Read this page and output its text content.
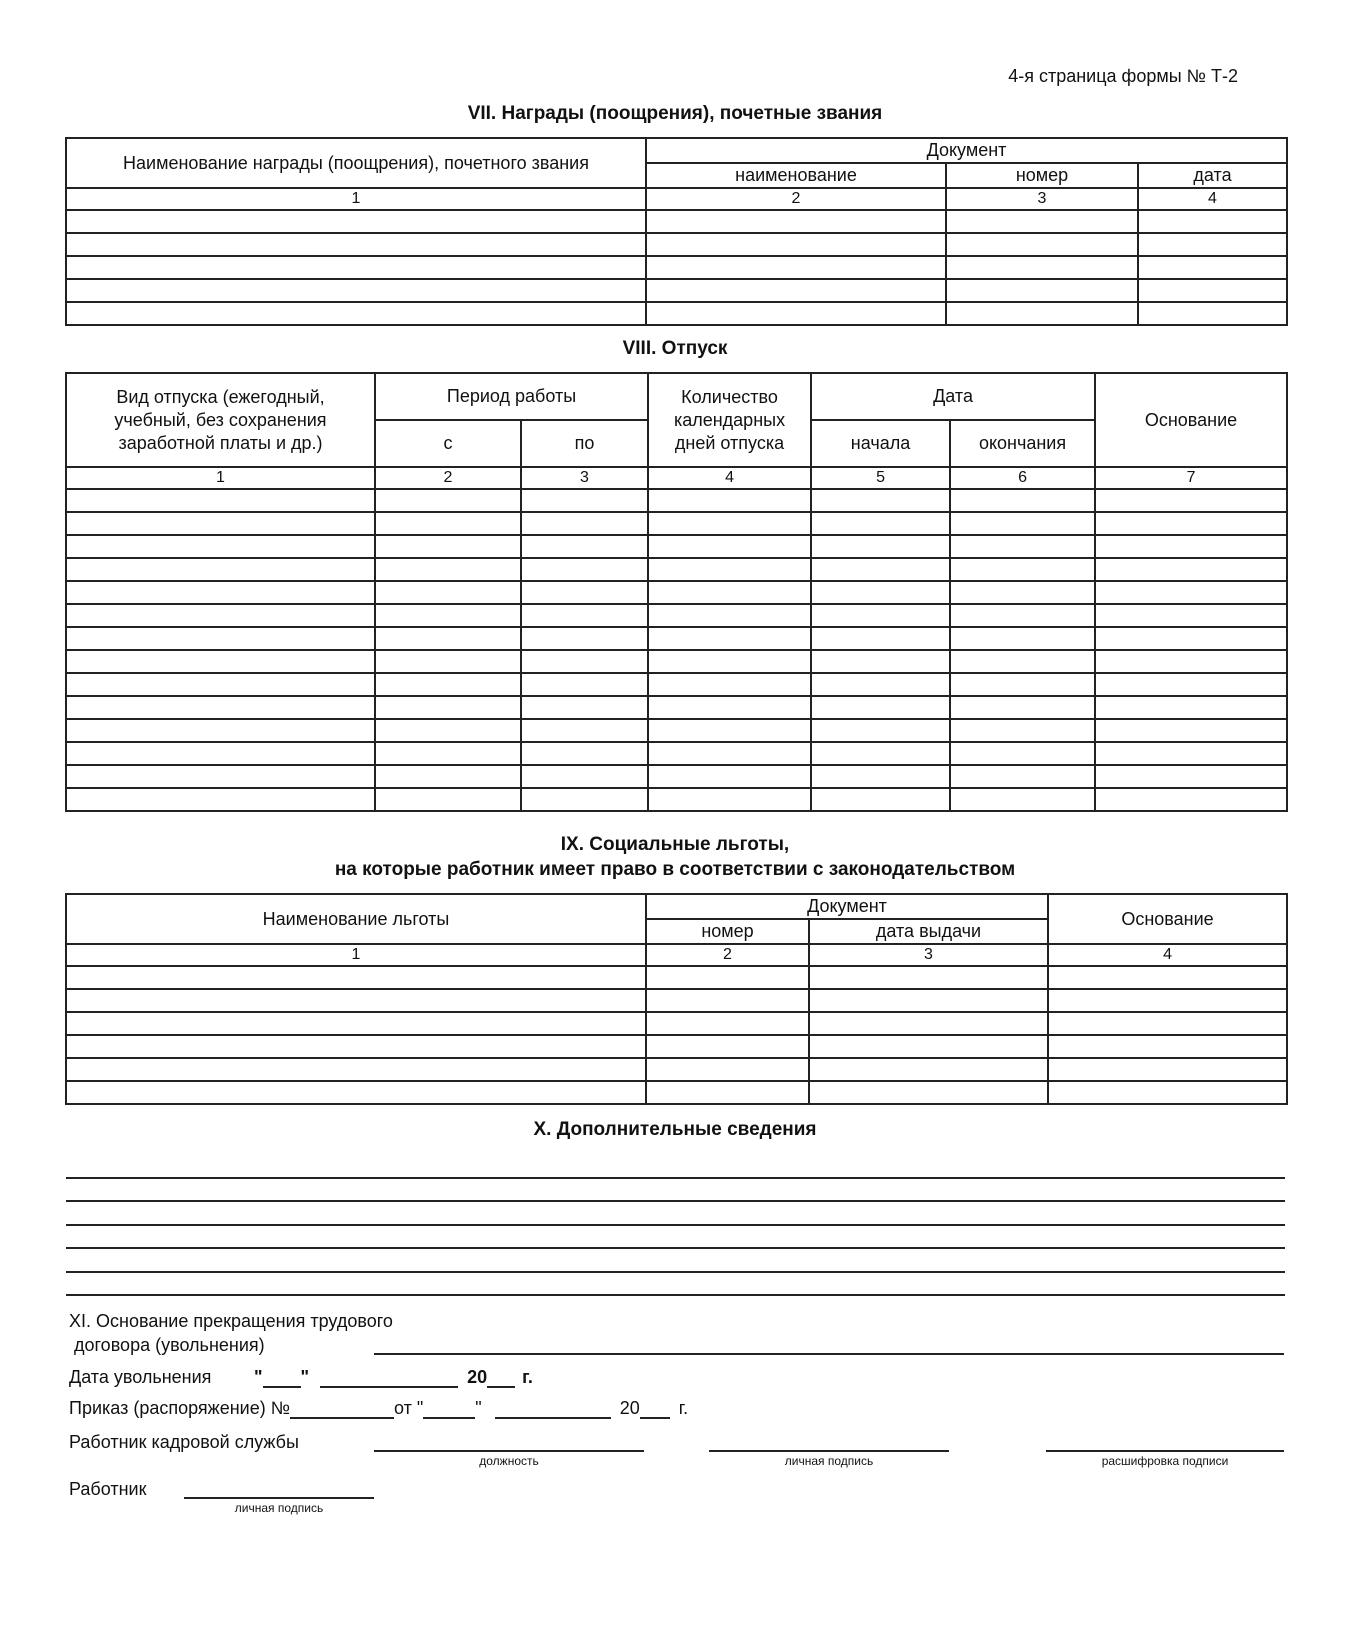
4-я страница формы № Т-2
VII. Награды (поощрения), почетные звания
Наименование награды (поощрения), почетного звания	Документ		
	наименование	номер	дата
1	2	3	4

VIII. Отпуск
Вид отпуска (ежегодный, учебный, без сохранения заработной платы и др.)	Период работы		Количество календарных дней отпуска	Дата		Основание
	с	по		начала	окончания	
1	2	3	4	5	6	7

IX. Социальные льготы,
на которые работник имеет право в соответствии с законодательством
Наименование льготы	Документ		Основание
	номер	дата выдачи	
1	2	3	4

X. Дополнительные сведения
XI. Основание прекращения трудового
договора (увольнения)
Дата увольнения " "	20 г.
Приказ (распоряжение) №	от "	"	20 г.
Работник кадровой службы
должность	личная подпись	расшифровка подписи
Работник
личная подпись
